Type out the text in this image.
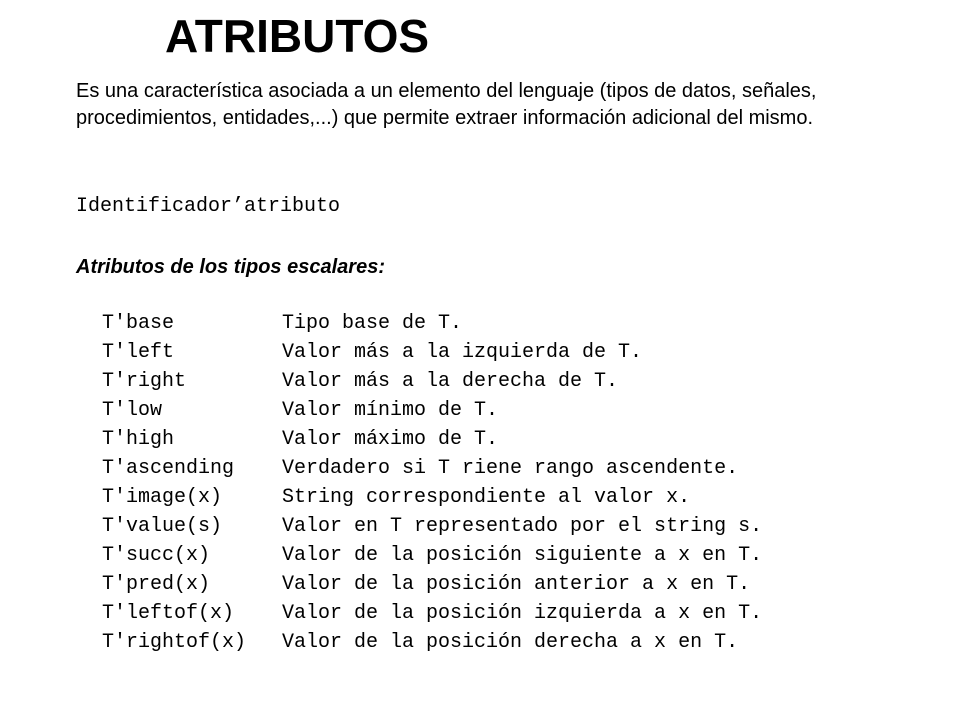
ATRIBUTOS

Es una característica asociada a un elemento del lenguaje (tipos de datos, señales, procedimientos, entidades,...) que permite extraer información adicional del mismo.

Identificador’atributo
Atributos de los tipos escalares:
T'base	Tipo base de T.
T'left	Valor más a la izquierda de T.
T'right	Valor más a la derecha de T.
T'low	Valor mínimo de T.
T'high	Valor máximo de T.
T'ascending	Verdadero si T riene rango ascendente.
T'image(x)	String correspondiente al valor x.
T'value(s)	Valor en T representado por el string s.
T'succ(x)	Valor de la posición siguiente a x en T.
T'pred(x)	Valor de la posición anterior a x en T.
T'leftof(x)	Valor de la posición izquierda a x en T.
T'rightof(x)	Valor de la posición derecha a x en T.
